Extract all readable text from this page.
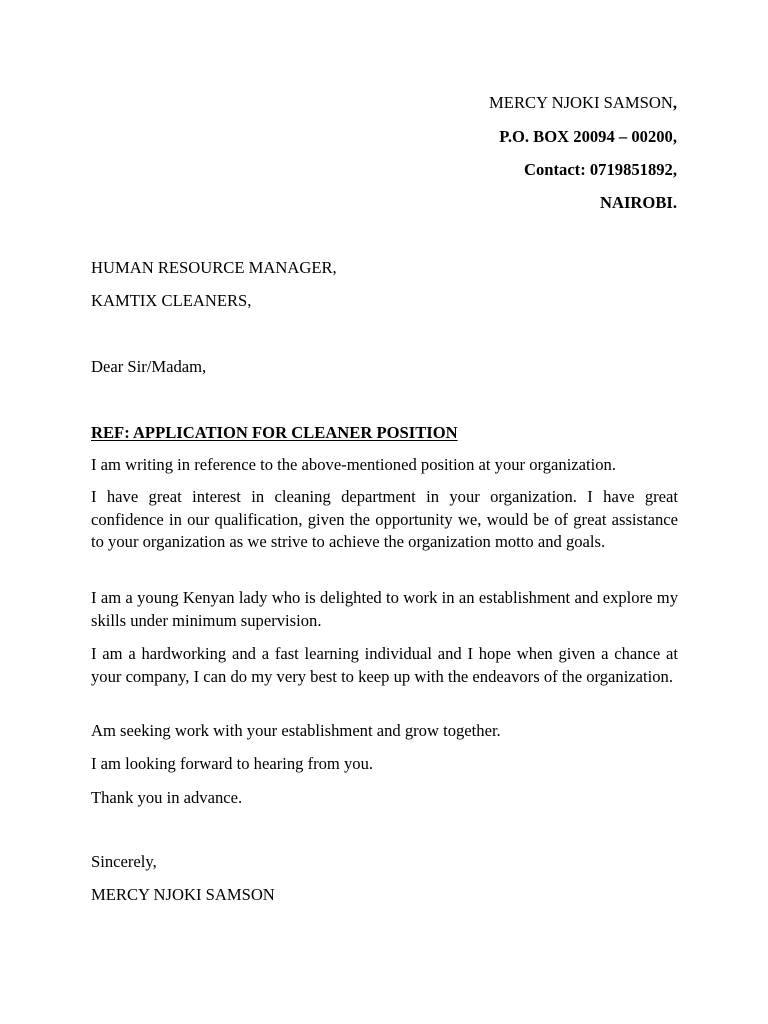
MERCY NJOKI SAMSON,
P.O. BOX 20094 – 00200,
Contact: 0719851892,
NAIROBI.
HUMAN RESOURCE MANAGER,
KAMTIX CLEANERS,
Dear Sir/Madam,
REF: APPLICATION FOR CLEANER POSITION
I am writing in reference to the above-mentioned position at your organization.
I have great interest in cleaning department in your organization. I have great confidence in our qualification, given the opportunity we, would be of great assistance to your organization as we strive to achieve the organization motto and goals.
I am a young Kenyan lady who is delighted to work in an establishment and explore my skills under minimum supervision.
I am a hardworking and a fast learning individual and I hope when given a chance at your company, I can do my very best to keep up with the endeavors of the organization.
Am seeking work with your establishment and grow together.
I am looking forward to hearing from you.
Thank you in advance.
Sincerely,
MERCY NJOKI SAMSON
